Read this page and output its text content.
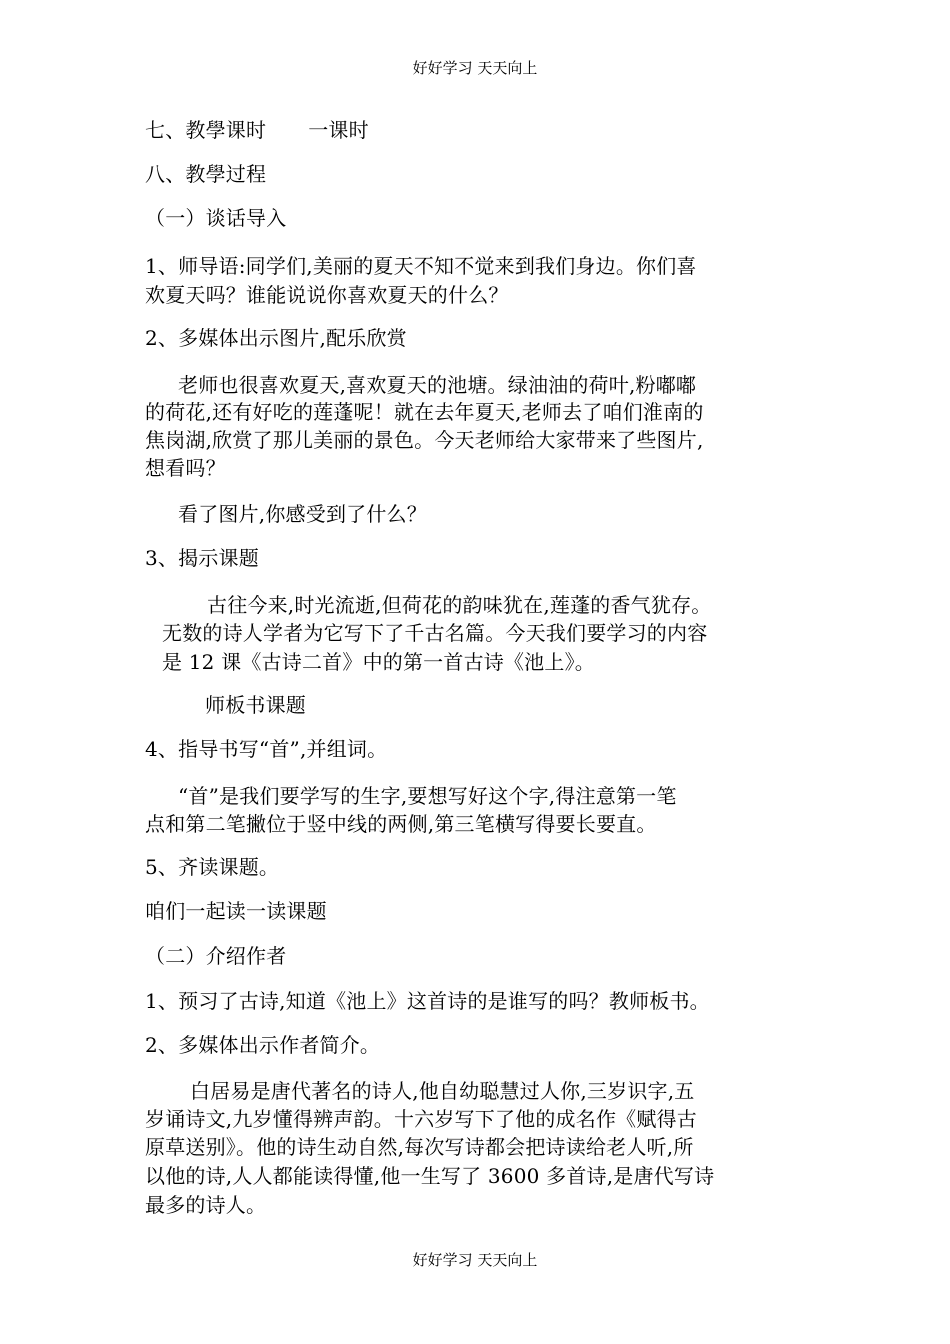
好好学习 天天向上
七、教學课时 一课时
八、教學过程
（一）谈话导入
1、师导语:同学们,美丽的夏天不知不觉来到我们身边。你们喜
欢夏天吗？谁能说说你喜欢夏天的什么？
2、多媒体出示图片,配乐欣赏
老师也很喜欢夏天,喜欢夏天的池塘。绿油油的荷叶,粉嘟嘟
的荷花,还有好吃的莲蓬呢！就在去年夏天,老师去了咱们淮南的
焦岗湖,欣赏了那儿美丽的景色。今天老师给大家带来了些图片,
想看吗？
看了图片,你感受到了什么？
3、揭示课题
古往今来,时光流逝,但荷花的韵味犹在,莲蓬的香气犹存。
无数的诗人学者为它写下了千古名篇。今天我们要学习的内容
是 12 课《古诗二首》中的第一首古诗《池上》。
师板书课题
4、指导书写“首”,并组词。
“首”是我们要学写的生字,要想写好这个字,得注意第一笔
点和第二笔撇位于竖中线的两侧,第三笔横写得要长要直。
5、齐读课题。
咱们一起读一读课题
（二）介绍作者
1、预习了古诗,知道《池上》这首诗的是谁写的吗？教师板书。
2、多媒体出示作者简介。
白居易是唐代著名的诗人,他自幼聪慧过人你,三岁识字,五
岁诵诗文,九岁懂得辨声韵。十六岁写下了他的成名作《赋得古
原草送别》。他的诗生动自然,每次写诗都会把诗读给老人听,所
以他的诗,人人都能读得懂,他一生写了 3600 多首诗,是唐代写诗
最多的诗人。
好好学习 天天向上
